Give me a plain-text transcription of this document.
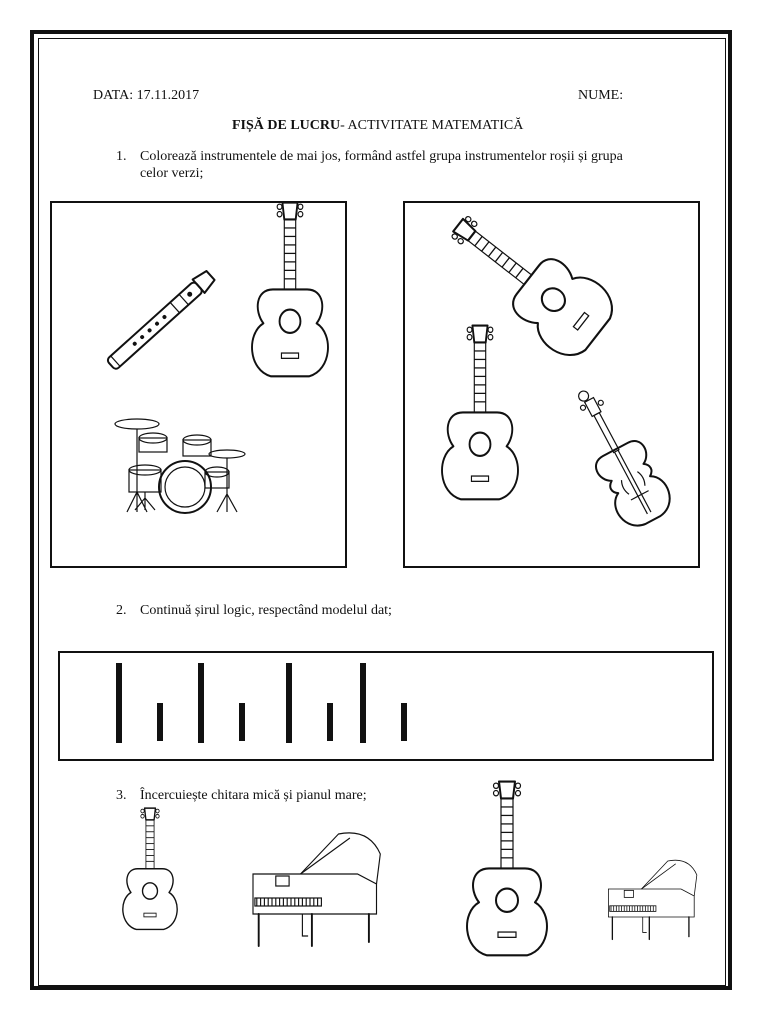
DATA: 17.11.2017	NUME:
FIȘĂ DE LUCRU- ACTIVITATE MATEMATICĂ
1. Colorează instrumentele de mai jos, formând astfel grupa instrumentelor roșii și grupa
celor verzi;
2. Continuă șirul logic, respectând modelul dat;
3. Încercuiește chitara mică și pianul mare;
